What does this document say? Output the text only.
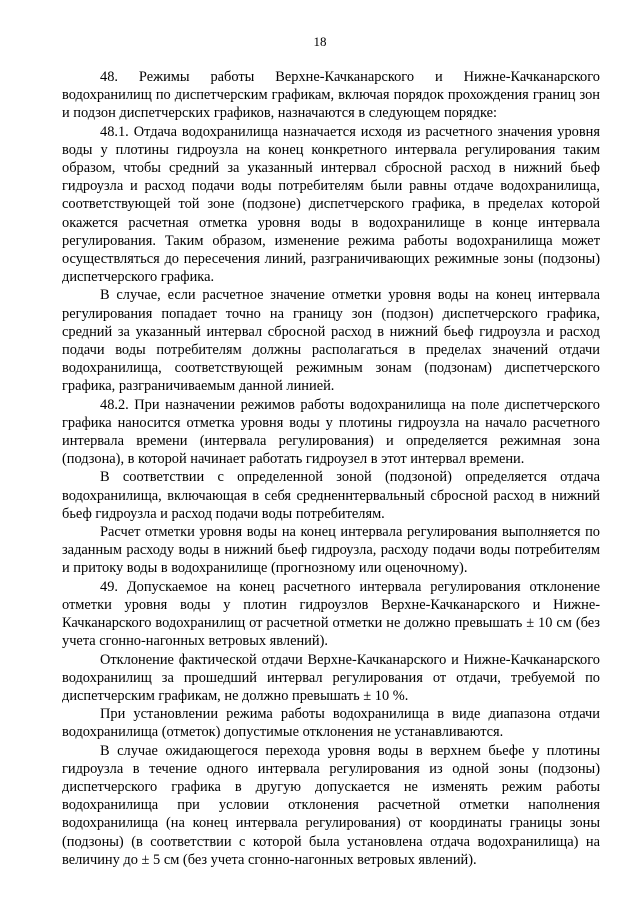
18

48. Режимы работы Верхне-Качканарского и Нижне-Качканарского водохранилищ по диспетчерским графикам, включая порядок прохождения границ зон и подзон диспетчерских графиков, назначаются в следующем порядке:

48.1. Отдача водохранилища назначается исходя из расчетного значения уровня воды у плотины гидроузла на конец конкретного интервала регулирования таким образом, чтобы средний за указанный интервал сбросной расход в нижний бьеф гидроузла и расход подачи воды потребителям были равны отдаче водохранилища, соответствующей той зоне (подзоне) диспетчерского графика, в пределах которой окажется расчетная отметка уровня воды в водохранилище в конце интервала регулирования. Таким образом, изменение режима работы водохранилища может осуществляться до пересечения линий, разграничивающих режимные зоны (подзоны) диспетчерского графика.

В случае, если расчетное значение отметки уровня воды на конец интервала регулирования попадает точно на границу зон (подзон) диспетчерского графика, средний за указанный интервал сбросной расход в нижний бьеф гидроузла и расход подачи воды потребителям должны располагаться в пределах значений отдачи водохранилища, соответствующей режимным зонам (подзонам) диспетчерского графика, разграничиваемым данной линией.

48.2. При назначении режимов работы водохранилища на поле диспетчерского графика наносится отметка уровня воды у плотины гидроузла на начало расчетного интервала времени (интервала регулирования) и определяется режимная зона (подзона), в которой начинает работать гидроузел в этот интервал времени.

В соответствии с определенной зоной (подзоной) определяется отдача водохранилища, включающая в себя средненнтервальный сбросной расход в нижний бьеф гидроузла и расход подачи воды потребителям.

Расчет отметки уровня воды на конец интервала регулирования выполняется по заданным расходу воды в нижний бьеф гидроузла, расходу подачи воды потребителям и притоку воды в водохранилище (прогнозному или оценочному).

49. Допускаемое на конец расчетного интервала регулирования отклонение отметки уровня воды у плотин гидроузлов Верхне-Качканарского и Нижне-Качканарского водохранилищ от расчетной отметки не должно превышать ± 10 см (без учета сгонно-нагонных ветровых явлений).

Отклонение фактической отдачи Верхне-Качканарского и Нижне-Качканарского водохранилищ за прошедший интервал регулирования от отдачи, требуемой по диспетчерским графикам, не должно превышать ± 10 %.

При установлении режима работы водохранилища в виде диапазона отдачи водохранилища (отметок) допустимые отклонения не устанавливаются.

В случае ожидающегося перехода уровня воды в верхнем бьефе у плотины гидроузла в течение одного интервала регулирования из одной зоны (подзоны) диспетчерского графика в другую допускается не изменять режим работы водохранилища при условии отклонения расчетной отметки наполнения водохранилища (на конец интервала регулирования) от координаты границы зоны (подзоны) (в соответствии с которой была установлена отдача водохранилища) на величину до ± 5 см (без учета сгонно-нагонных ветровых явлений).
